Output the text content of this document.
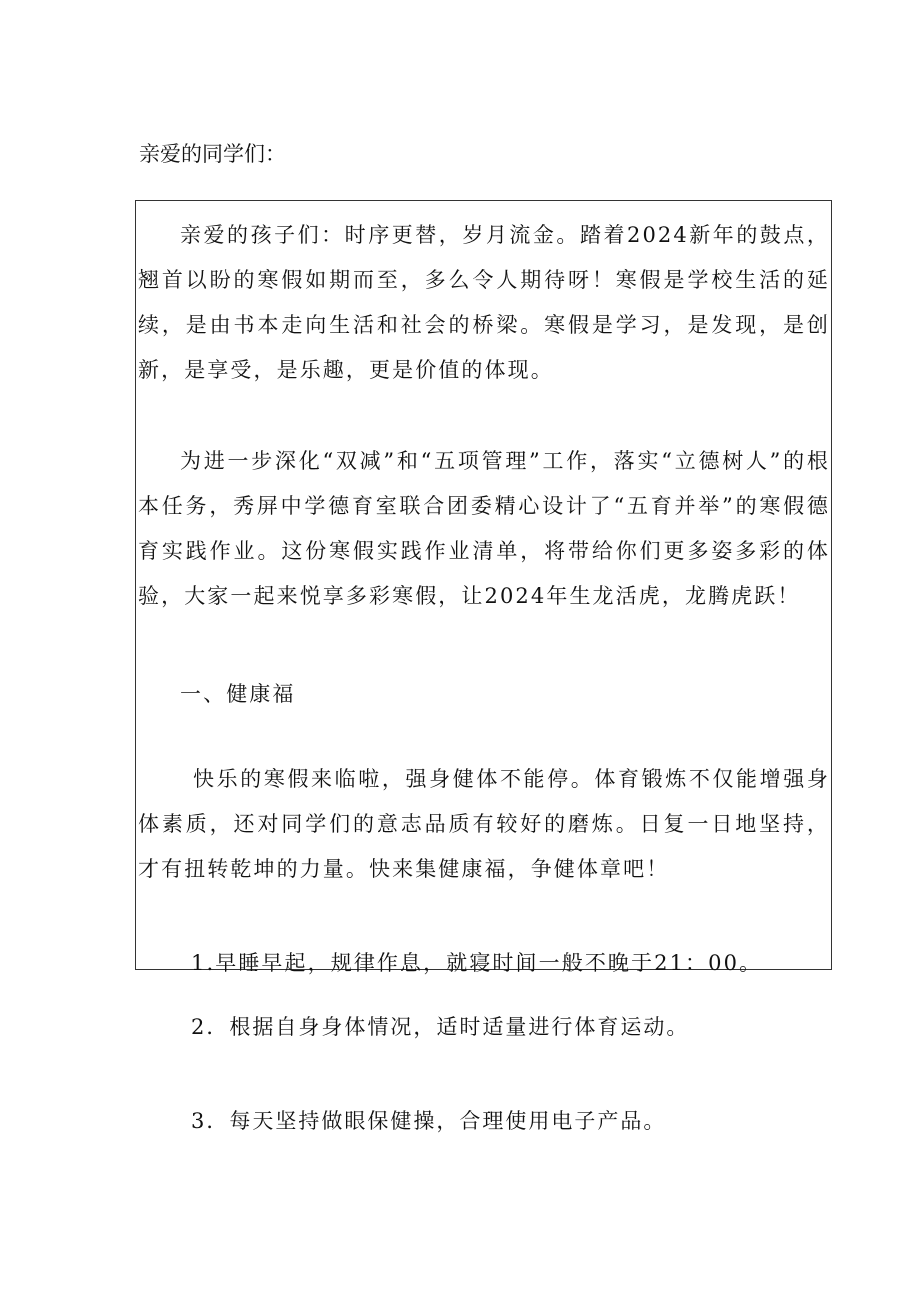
亲爱的同学们：

亲爱的孩子们：时序更替，岁月流金。踏着2024新年的鼓点，翘首以盼的寒假如期而至，多么令人期待呀！寒假是学校生活的延续，是由书本走向生活和社会的桥梁。寒假是学习，是发现，是创新，是享受，是乐趣，更是价值的体现。

为进一步深化“双减”和“五项管理”工作，落实“立德树人”的根本任务，秀屏中学德育室联合团委精心设计了“五育并举”的寒假德育实践作业。这份寒假实践作业清单，将带给你们更多姿多彩的体验，大家一起来悦享多彩寒假，让2024年生龙活虎，龙腾虎跃！

一、健康福

快乐的寒假来临啦，强身健体不能停。体育锻炼不仅能增强身体素质，还对同学们的意志品质有较好的磨炼。日复一日地坚持，才有扭转乾坤的力量。快来集健康福，争健体章吧！

1.早睡早起，规律作息，就寝时间一般不晚于21：00。

2．根据自身身体情况，适时适量进行体育运动。

3．每天坚持做眼保健操，合理使用电子产品。
